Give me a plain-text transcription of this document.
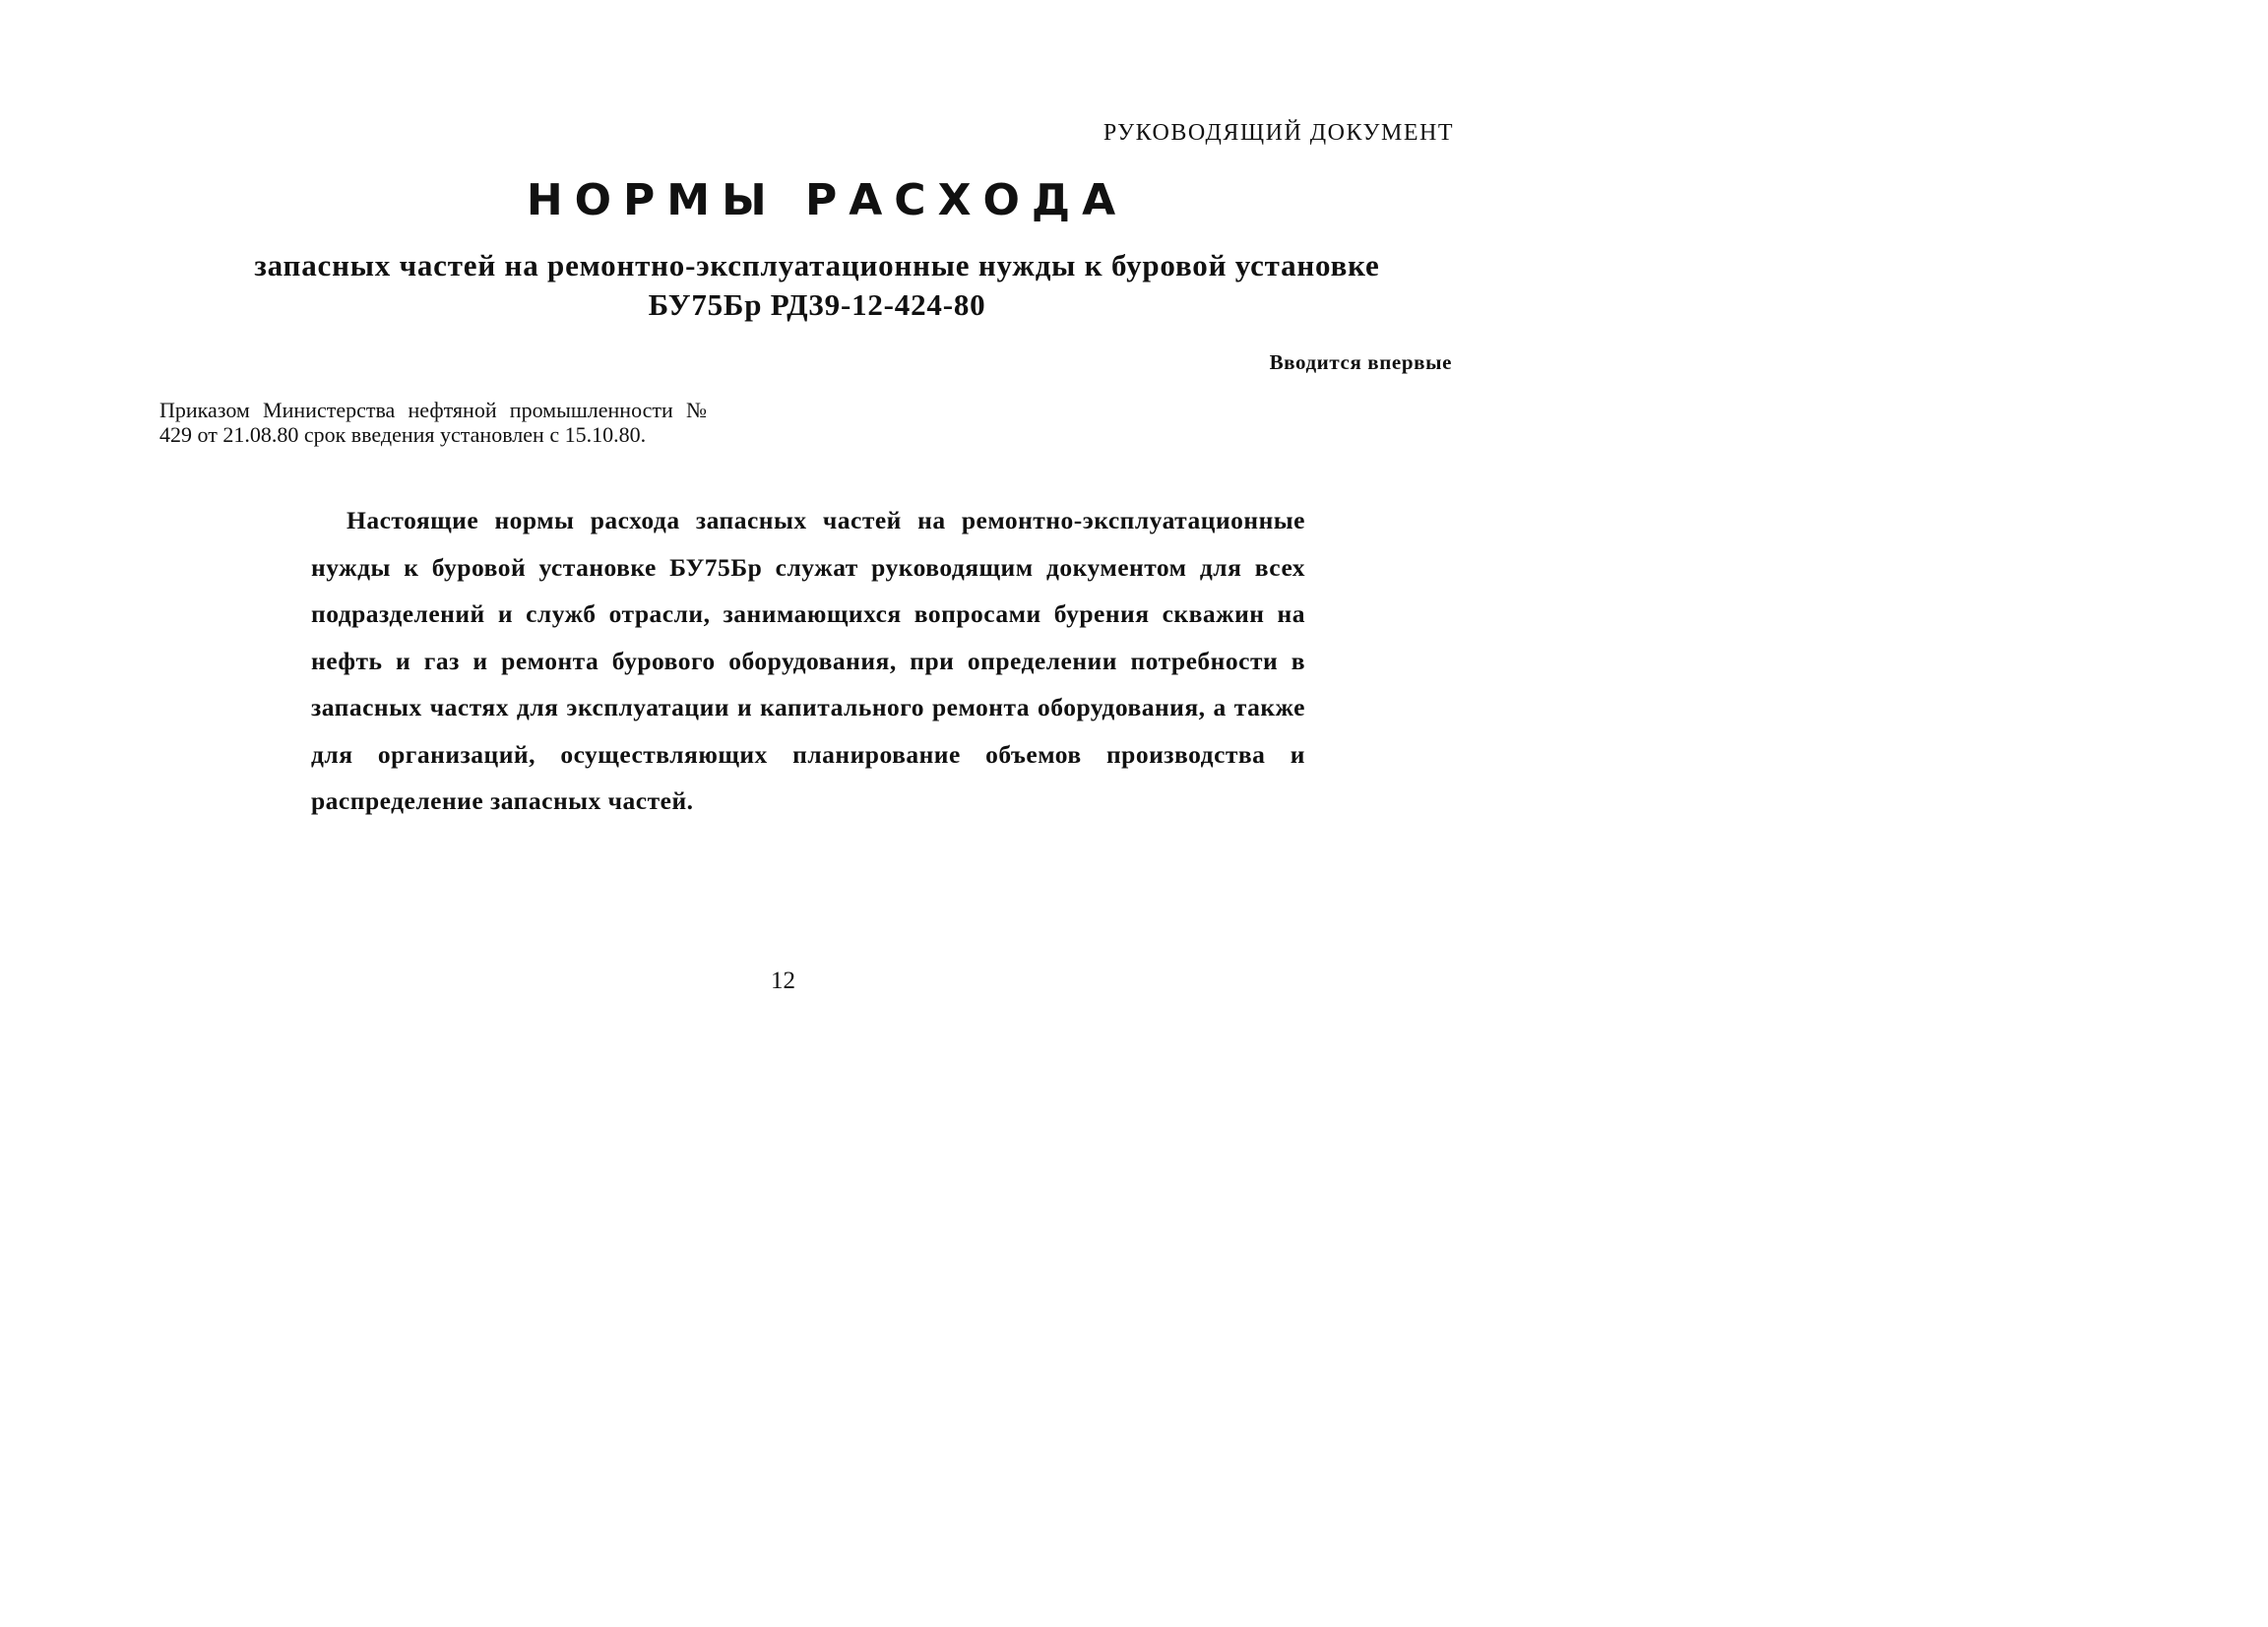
РУКОВОДЯЩИЙ ДОКУМЕНТ
НОРМЫ РАСХОДА
запасных частей на ремонтно-эксплуатационные нужды к буровой установке
БУ75Бр РД39-12-424-80
Вводится впервые
Приказом Министерства нефтяной промышленности № 429 от 21.08.80 срок введения установлен с 15.10.80.
Настоящие нормы расхода запасных частей на ремонтно-эксплуатационные нужды к буровой установке БУ75Бр служат руководящим документом для всех подразделений и служб отрасли, занимающихся вопросами бурения скважин на нефть и газ и ремонта бурового оборудования, при определении потребности в запасных частях для эксплуатации и капитального ремонта оборудования, а также для организаций, осуществляющих планирование объемов производства и распределение запасных частей.
12
